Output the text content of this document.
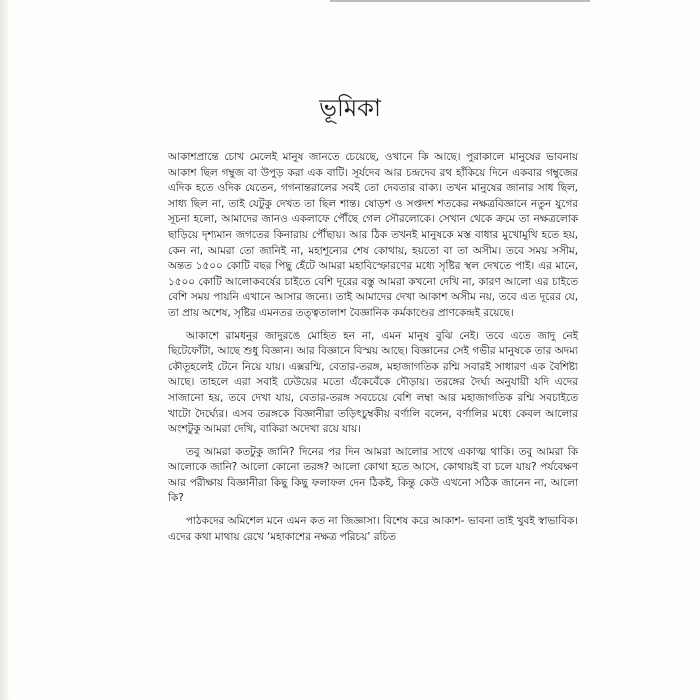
ভূমিকা

আকাশপ্রান্তে চোখ মেলেই মানুষ জানতে চেয়েছে, ওখানে কি আছে। পুরাকালে মানুষের ভাবনায় আকাশ ছিল গম্বুজ বা উপুড় করা এক বাটি। সূর্যদেব আর চন্দ্রদেব রথ হাঁকিয়ে দিনে একবার গম্বুজের এদিক হতে ওদিক যেতেন, গগনান্তরালের সবই তো দেবতার বাক্য। তখন মানুষের জানার সাধ ছিল, সাধ্য ছিল না, তাই যেটুকু দেখত তা ছিল শান্ত। ষোড়শ ও সপ্তদশ শতকের নক্ষত্রবিজ্ঞানে নতুন যুগের সূচনা হলো, আমাদের জানও একলাফে পৌঁছে গেল সৌরলোকে। সেখান থেকে ক্রমে তা নক্ষত্রলোক ছাড়িয়ে দৃশ্যমান জগতের কিনারায় পৌঁছায়। আর ঠিক তখনই মানুষকে মস্ত বাধার মুখোমুখি হতে হয়, কেন না, আমরা তো জানিই না, মহাশূন্যের শেষ কোথায়, হয়তো বা তা অসীম। তবে সময় সসীম, অন্তত ১৫০০ কোটি বছর পিছু হেঁটে আমরা মহাবিস্ফোরণের মধ্যে সৃষ্টির স্থল দেখতে পাই। এর মানে, ১৫০০ কোটি আলোকবর্ষের চাইতে বেশি দূরের বস্তু আমরা কখনো দেখি না, কারণ আলো এর চাইতে বেশি সময় পায়নি এখানে আসার জন্যে। তাই আমাদের দেখা আকাশ অসীম নয়, তবে এত দূরের যে, তা প্রায় অশেষ, সৃষ্টির এমনতর তত্ত্বতালাশ বৈজ্ঞানিক কর্মকাণ্ডের প্রাণকেন্দ্রই রয়েছে।

আকাশে রামধনুর জাদুরঙে মোহিত হন না, এমন মানুষ বুঝি নেই। তবে এতে জাদু নেই ছিটেফোঁটা, আছে শুধু বিজ্ঞান। আর বিজ্ঞানে বিস্ময় আছে। বিজ্ঞানের সেই গভীর মানুষকে তার অদম্য কৌতূহলেই টেনে নিয়ে যায়। এক্সরশ্মি, বেতার-তরঙ্গ, মহাজাগতিক রশ্মি সবারই সাধারণ এক বৈশিষ্ট্য আছে। তাহলে এরা সবাই ঢেউয়ের মতো এঁকেবেঁকে দৌড়ায়। তরঙ্গের দৈর্ঘ্য অনুযায়ী যদি এদের সাজানো হয়, তবে দেখা যায়, বেতার-তরঙ্গ সবচেয়ে বেশি লম্বা আর মহাজাগতিক রশ্মি সবচাইতে খাটো দৈর্ঘ্যের। এসব তরঙ্গকে বিজ্ঞানীরা তড়িৎচুম্বকীয় বর্ণালি বলেন, বর্ণালির মধ্যে কেবল আলোর অংশটুকু আমরা দেখি, বাকিরা অদেখা রয়ে যায়।

তবু আমরা কতটুকু জানি? দিনের পর দিন আমরা আলোর সাথে একাত্ম থাকি। তবু আমরা কি আলোকে জানি? আলো কোনো তরঙ্গ? আলো কোথা হতে আসে, কোথায়ই বা চলে যায়? পর্যবেক্ষণ আর পরীক্ষায় বিজ্ঞানীরা কিছু কিছু ফলাফল দেন ঠিকই, কিন্তু কেউ এখনো সঠিক জানেন না, আলো কি?

পাঠকদের অমিশেল মনে এমন কত না জিজ্ঞাসা। বিশেষ করে আকাশ- ভাবনা তাই খুবই স্বাভাবিক। এদের কথা মাথায় রেখে ‘মহাকাশের নক্ষত্র পরিচয়’ রচিত
